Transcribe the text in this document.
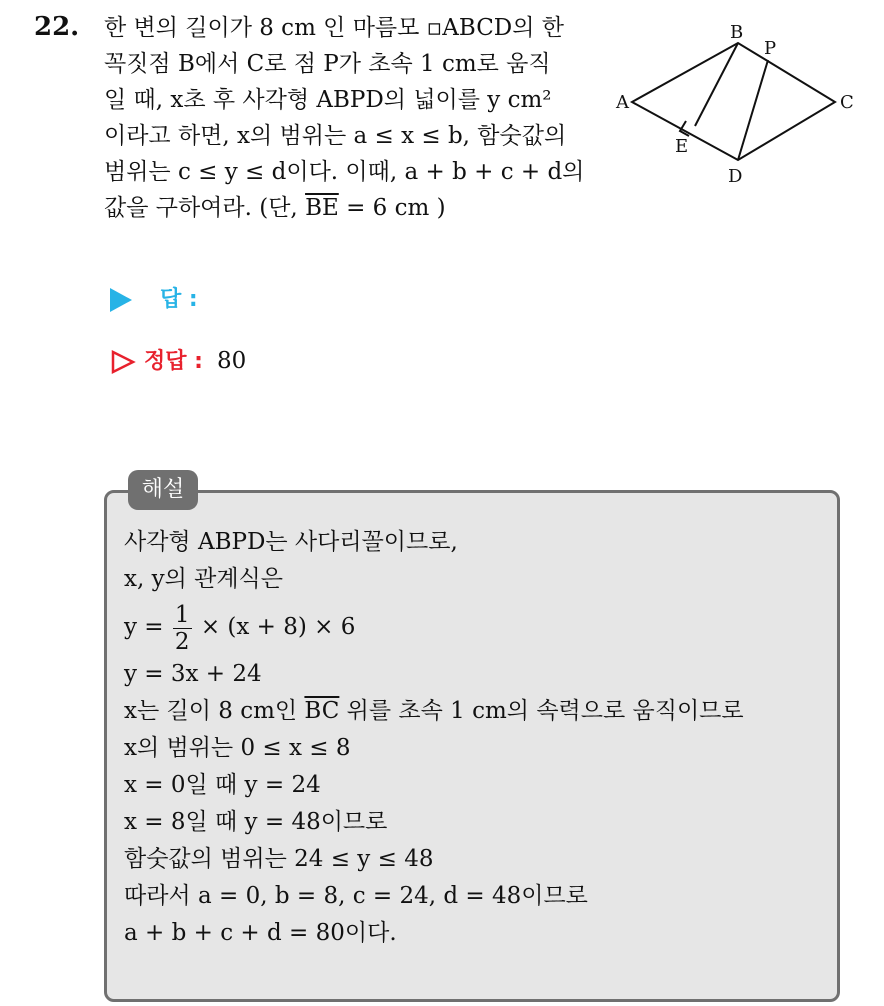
22. 한 변의 길이가 8 cm 인 마름모 ▫ABCD의 한
꼭짓점 B에서 C로 점 P가 초속 1 cm로 움직
일 때, x초 후 사각형 ABPD의 넓이를 y cm²
이라고 하면, x의 범위는 a ≤ x ≤ b, 함숫값의
범위는 c ≤ y ≤ d이다. 이때, a + b + c + d의
값을 구하여라. (단, $\overline{BE} = 6$ cm )
A
B
P
C
D
E
답 :
정답 : 80
해설
사각형 ABPD는 사다리꼴이므로,
x, y의 관계식은
$y = \frac{1}{2} \times (x + 8) \times 6$
y = 3x + 24
x는 길이 8 cm인 $\overline{BC}$ 위를 초속 1 cm의 속력으로 움직이므로
x의 범위는 0 ≤ x ≤ 8
x = 0일 때 y = 24
x = 8일 때 y = 48이므로
함숫값의 범위는 24 ≤ y ≤ 48
따라서 a = 0, b = 8, c = 24, d = 48이므로
a + b + c + d = 80이다.
